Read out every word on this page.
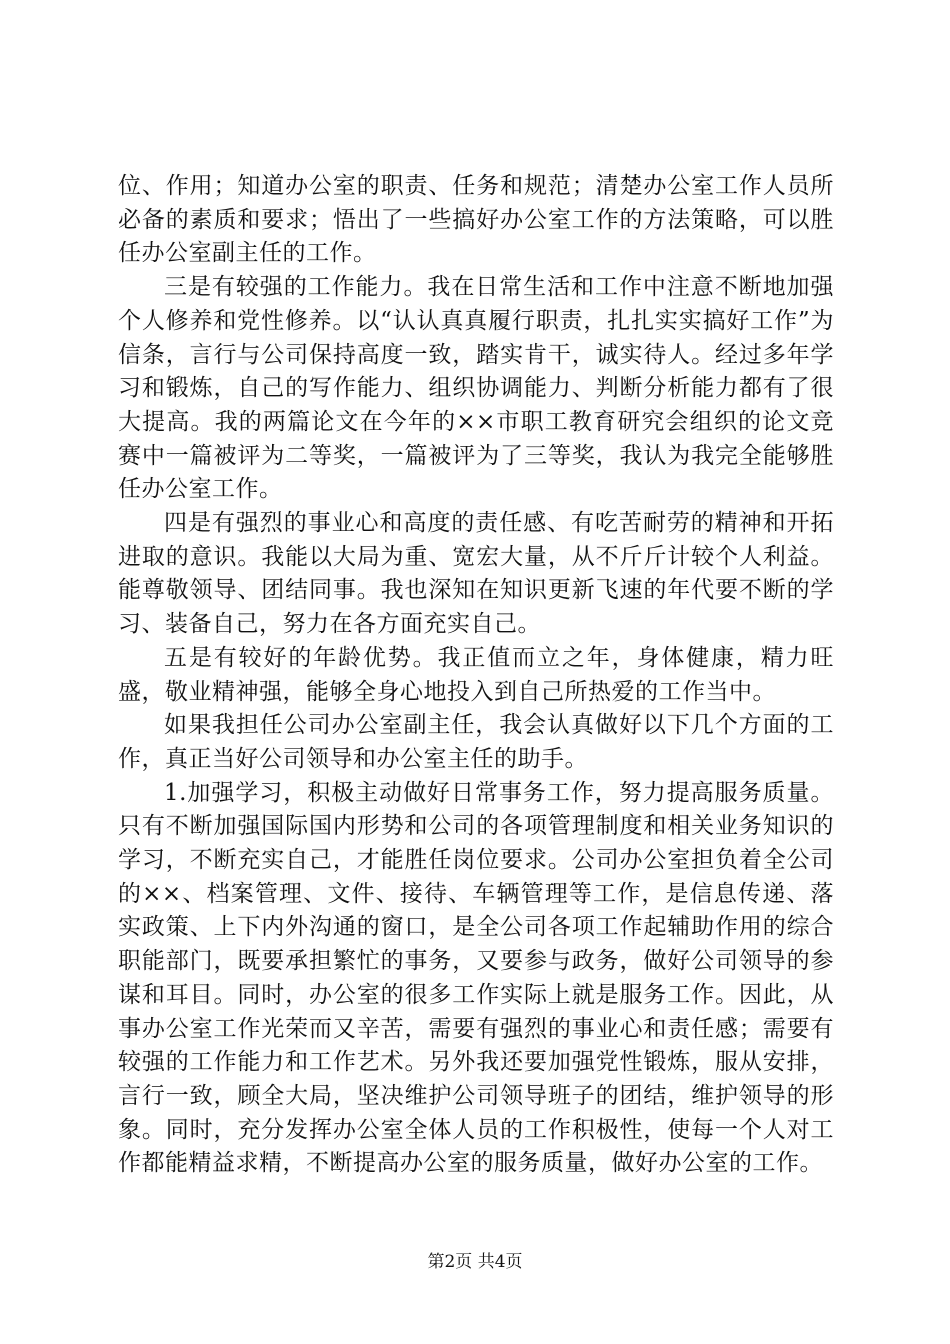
位、作用；知道办公室的职责、任务和规范；清楚办公室工作人员所必备的素质和要求；悟出了一些搞好办公室工作的方法策略，可以胜任办公室副主任的工作。

三是有较强的工作能力。我在日常生活和工作中注意不断地加强个人修养和党性修养。以“认认真真履行职责，扎扎实实搞好工作”为信条，言行与公司保持高度一致，踏实肯干，诚实待人。经过多年学习和锻炼，自己的写作能力、组织协调能力、判断分析能力都有了很大提高。我的两篇论文在今年的××市职工教育研究会组织的论文竞赛中一篇被评为二等奖，一篇被评为了三等奖，我认为我完全能够胜任办公室工作。

四是有强烈的事业心和高度的责任感、有吃苦耐劳的精神和开拓进取的意识。我能以大局为重、宽宏大量，从不斤斤计较个人利益。能尊敬领导、团结同事。我也深知在知识更新飞速的年代要不断的学习、装备自己，努力在各方面充实自己。

五是有较好的年龄优势。我正值而立之年，身体健康，精力旺盛，敬业精神强，能够全身心地投入到自己所热爱的工作当中。

如果我担任公司办公室副主任，我会认真做好以下几个方面的工作，真正当好公司领导和办公室主任的助手。

1.加强学习，积极主动做好日常事务工作，努力提高服务质量。只有不断加强国际国内形势和公司的各项管理制度和相关业务知识的学习，不断充实自己，才能胜任岗位要求。公司办公室担负着全公司的××、档案管理、文件、接待、车辆管理等工作，是信息传递、落实政策、上下内外沟通的窗口，是全公司各项工作起辅助作用的综合职能部门，既要承担繁忙的事务，又要参与政务，做好公司领导的参谋和耳目。同时，办公室的很多工作实际上就是服务工作。因此，从事办公室工作光荣而又辛苦，需要有强烈的事业心和责任感；需要有较强的工作能力和工作艺术。另外我还要加强党性锻炼，服从安排，言行一致，顾全大局，坚决维护公司领导班子的团结，维护领导的形象。同时，充分发挥办公室全体人员的工作积极性，使每一个人对工作都能精益求精，不断提高办公室的服务质量，做好办公室的工作。

第2页 共4页
